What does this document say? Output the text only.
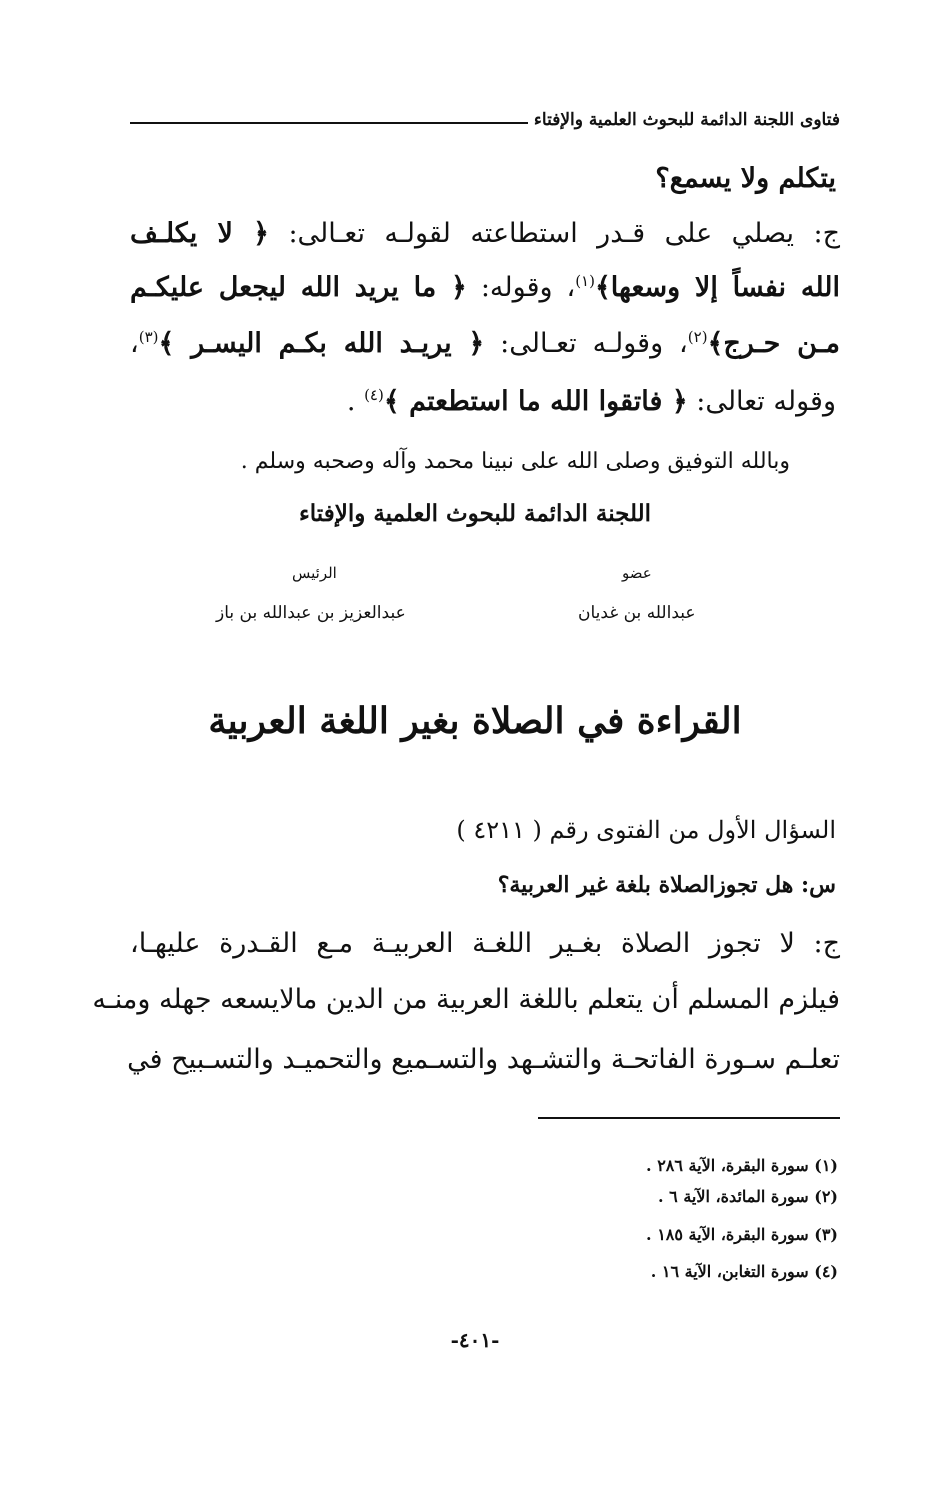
فتاوى اللجنة الدائمة للبحوث العلمية والإفتاء
يتكلم ولا يسمع؟
ج: يصلي على قـدر استطاعته لقولـه تعـالى: ﴿ لا يكلـف
الله نفساً إلا وسعها﴾$^{(١)}$، وقوله: ﴿ ما يريد الله ليجعل عليكـم
مـن حـرج﴾$^{(٢)}$، وقولـه تعـالى: ﴿ يريـد الله بكـم اليسـر ﴾$^{(٣)}$،
وقوله تعالى: ﴿ فاتقوا الله ما استطعتم ﴾$^{(٤)}$ .
وبالله التوفيق وصلى الله على نبينا محمد وآله وصحبه وسلم .
اللجنة الدائمة للبحوث العلمية والإفتاء
عضو
عبدالله بن غديان
الرئيس
عبدالعزيز بن عبدالله بن باز
القراءة في الصلاة بغير اللغة العربية
السؤال الأول من الفتوى رقم ( ٤٢١١ )
س: هل تجوزالصلاة بلغة غير العربية؟
ج: لا تجوز الصلاة بغـير اللغـة العربيـة مـع القـدرة عليهـا،
فيلزم المسلم أن يتعلم باللغة العربية من الدين مالايسعه جهله ومنـه
تعلـم سـورة الفاتحـة والتشـهد والتسـميع والتحميـد والتسـبيح في
(١) سورة البقرة، الآية ٢٨٦ .
(٢) سورة المائدة، الآية ٦ .
(٣) سورة البقرة، الآية ١٨٥ .
(٤) سورة التغابن، الآية ١٦ .
-٤٠١-
